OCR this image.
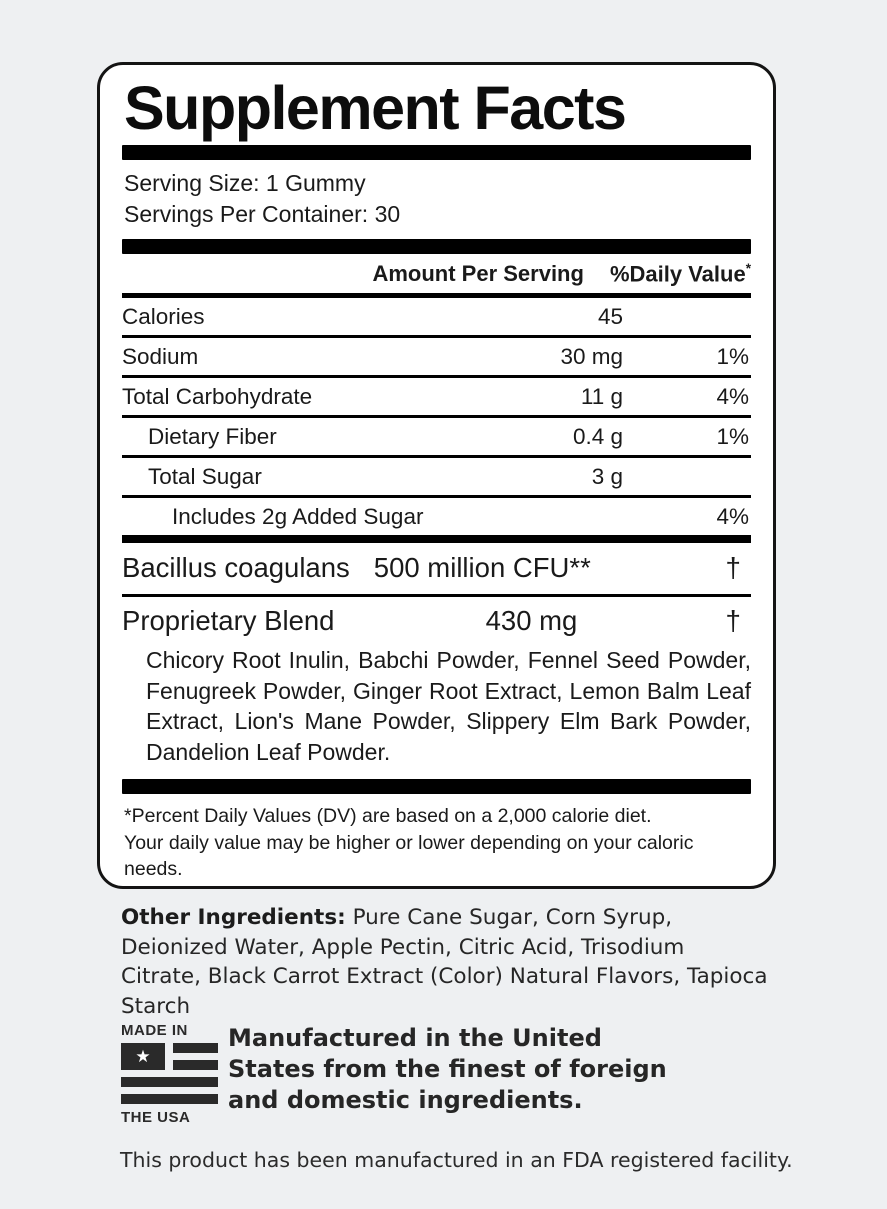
Supplement Facts
Serving Size: 1 Gummy
Servings Per Container: 30
Amount Per Serving %Daily Value*
Calories	45
Sodium	30 mg	1%
Total Carbohydrate	11 g	4%
Dietary Fiber	0.4 g	1%
Total Sugar	3 g
Includes 2g Added Sugar	4%
Bacillus coagulans 500 million CFU**	†
Proprietary Blend	430 mg	†
Chicory Root Inulin, Babchi Powder, Fennel Seed Powder, Fenugreek Powder, Ginger Root Extract, Lemon Balm Leaf Extract, Lion's Mane Powder, Slippery Elm Bark Powder, Dandelion Leaf Powder.
*Percent Daily Values (DV) are based on a 2,000 calorie diet.
Your daily value may be higher or lower depending on your caloric needs.
Other Ingredients: Pure Cane Sugar, Corn Syrup, Deionized Water, Apple Pectin, Citric Acid, Trisodium Citrate, Black Carrot Extract (Color) Natural Flavors, Tapioca Starch
MADE IN
★
THE USA
Manufactured in the United States from the finest of foreign and domestic ingredients.
This product has been manufactured in an FDA registered facility.
